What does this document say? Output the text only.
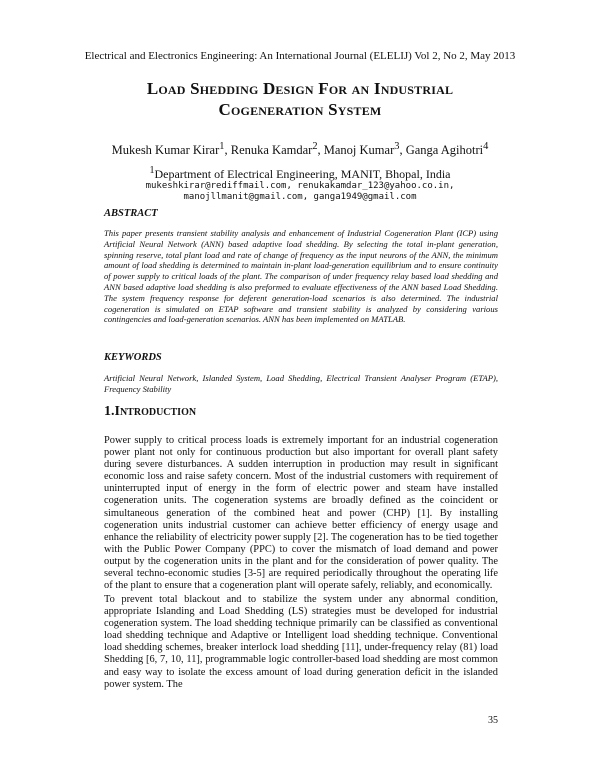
Electrical and Electronics Engineering: An International Journal (ELELIJ) Vol 2, No 2, May 2013
Load Shedding Design For an Industrial
Cogeneration System
Mukesh Kumar Kirar$^1$, Renuka Kamdar$^2$, Manoj Kumar$^3$, Ganga Agihotri$^4$
$^1$Department of Electrical Engineering, MANIT, Bhopal, India
mukeshkirar@rediffmail.com, renukakamdar_123@yahoo.co.in,
manojllmanit@gmail.com, ganga1949@gmail.com
ABSTRACT
This paper presents transient stability analysis and enhancement of Industrial Cogeneration Plant (ICP) using Artificial Neural Network (ANN) based adaptive load shedding. By selecting the total in-plant generation, spinning reserve, total plant load and rate of change of frequency as the input neurons of the ANN, the minimum amount of load shedding is determined to maintain in-plant load-generation equilibrium and to ensure continuity of power supply to critical loads of the plant. The comparison of under frequency relay based load shedding and ANN based adaptive load shedding is also preformed to evaluate effectiveness of the ANN based Load Shedding. The system frequency response for deferent generation-load scenarios is also determined. The industrial cogeneration is simulated on ETAP software and transient stability is analyzed by considering various contingencies and load-generation scenarios. ANN has been implemented on MATLAB.
KEYWORDS
Artificial Neural Network, Islanded System, Load Shedding, Electrical Transient Analyser Program (ETAP), Frequency Stability
1.Introduction
Power supply to critical process loads is extremely important for an industrial cogeneration power plant not only for continuous production but also important for overall plant safety during severe disturbances. A sudden interruption in production may result in significant economic loss and raise safety concern. Most of the industrial customers with requirement of uninterrupted input of energy in the form of electric power and steam have installed cogeneration units. The cogeneration systems are broadly defined as the coincident or simultaneous generation of the combined heat and power (CHP) [1]. By installing cogeneration units industrial customer can achieve better efficiency of energy usage and enhance the reliability of electricity power supply [2]. The cogeneration has to be tied together with the Public Power Company (PPC) to cover the mismatch of load demand and power output by the cogeneration units in the plant and for the consideration of power quality. The several techno-economic studies [3-5] are required periodically throughout the operating life of the plant to ensure that a cogeneration plant will operate safely, reliably, and economically.
To prevent total blackout and to stabilize the system under any abnormal condition, appropriate Islanding and Load Shedding (LS) strategies must be developed for industrial cogeneration system. The load shedding technique primarily can be classified as conventional load shedding technique and Adaptive or Intelligent load shedding technique. Conventional load shedding schemes, breaker interlock load shedding [11], under-frequency relay (81) load Shedding [6, 7, 10, 11], programmable logic controller-based load shedding are most common and easy way to isolate the excess amount of load during generation deficit in the islanded power system. The
35
